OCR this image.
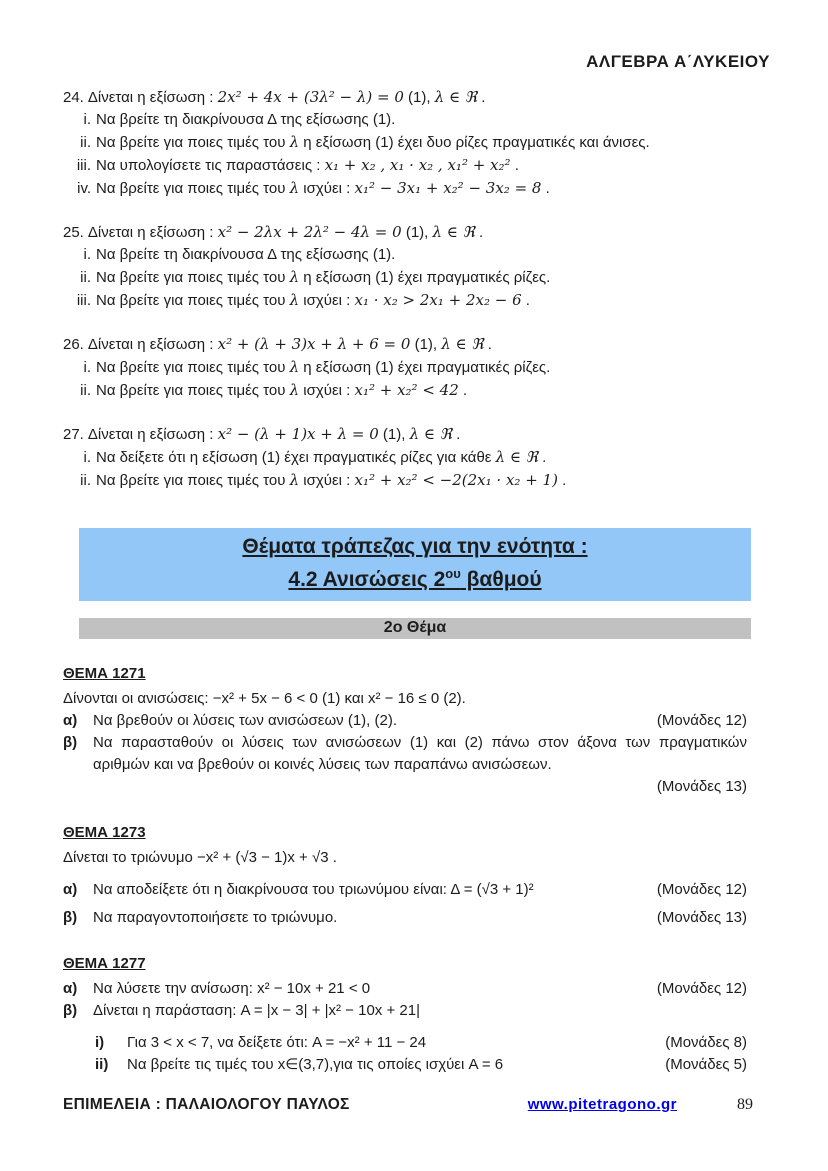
ΑΛΓΕΒΡΑ Α΄ΛΥΚΕΙΟΥ
24. Δίνεται η εξίσωση : 2x² + 4x + (3λ² − λ) = 0 (1), λ ∈ ℜ .
i. Να βρείτε τη διακρίνουσα Δ της εξίσωσης (1).
ii. Να βρείτε για ποιες τιμές του λ η εξίσωση (1) έχει δυο ρίζες πραγματικές και άνισες.
iii. Να υπολογίσετε τις παραστάσεις : x₁ + x₂ , x₁ · x₂ , x₁² + x₂² .
iv. Να βρείτε για ποιες τιμές του λ ισχύει : x₁² − 3x₁ + x₂² − 3x₂ = 8 .
25. Δίνεται η εξίσωση : x² − 2λx + 2λ² − 4λ = 0 (1), λ ∈ ℜ .
i. Να βρείτε τη διακρίνουσα Δ της εξίσωσης (1).
ii. Να βρείτε για ποιες τιμές του λ η εξίσωση (1) έχει πραγματικές ρίζες.
iii. Να βρείτε για ποιες τιμές του λ ισχύει : x₁ · x₂ > 2x₁ + 2x₂ − 6 .
26. Δίνεται η εξίσωση : x² + (λ + 3)x + λ + 6 = 0 (1), λ ∈ ℜ .
i. Να βρείτε για ποιες τιμές του λ η εξίσωση (1) έχει πραγματικές ρίζες.
ii. Να βρείτε για ποιες τιμές του λ ισχύει : x₁² + x₂² < 42 .
27. Δίνεται η εξίσωση : x² − (λ + 1)x + λ = 0 (1), λ ∈ ℜ .
i. Να δείξετε ότι η εξίσωση (1) έχει πραγματικές ρίζες για κάθε λ ∈ ℜ .
ii. Να βρείτε για ποιες τιμές του λ ισχύει : x₁² + x₂² < −2(2x₁ · x₂ + 1) .
Θέματα τράπεζας για την ενότητα :
4.2 Ανισώσεις $2^{o\upsilon}$ βαθμού
2ο Θέμα
ΘΕΜΑ 1271
Δίνονται οι ανισώσεις: −x² + 5x − 6 < 0 (1) και x² − 16 ≤ 0 (2).
α)	Να βρεθούν οι λύσεις των ανισώσεων (1), (2).	(Μονάδες 12)
β)	Να παρασταθούν οι λύσεις των ανισώσεων (1) και (2) πάνω στον άξονα των πραγματικών αριθμών και να βρεθούν οι κοινές λύσεις των παραπάνω ανισώσεων.
(Μονάδες 13)
ΘΕΜΑ 1273
Δίνεται το τριώνυμο −x² + (√3 − 1)x + √3 .
α)	Να αποδείξετε ότι η διακρίνουσα του τριωνύμου είναι: Δ = (√3 + 1)²	(Μονάδες 12)
β)	Να παραγοντοποιήσετε το τριώνυμο.	(Μονάδες 13)
ΘΕΜΑ 1277
α)	Να λύσετε την ανίσωση: x² − 10x + 21 < 0	(Μονάδες 12)
β)	Δίνεται η παράσταση: A = |x − 3| + |x² − 10x + 21|
i)	Για 3 < x < 7, να δείξετε ότι: A = −x² + 11 − 24	(Μονάδες 8)
ii)	Να βρείτε τις τιμές του x∈(3,7),για τις οποίες ισχύει A = 6	(Μονάδες 5)
ΕΠΙΜΕΛΕΙΑ : ΠΑΛΑΙΟΛΟΓΟΥ ΠΑΥΛΟΣ	www.pitetragono.gr	89
